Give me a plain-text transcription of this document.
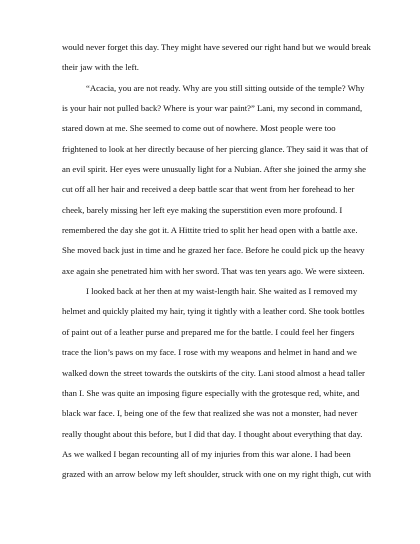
would never forget this day. They might have severed our right hand but we would break
their jaw with the left.
“Acacia, you are not ready. Why are you still sitting outside of the temple? Why
is your hair not pulled back? Where is your war paint?” Lani, my second in command,
stared down at me. She seemed to come out of nowhere. Most people were too
frightened to look at her directly because of her piercing glance. They said it was that of
an evil spirit. Her eyes were unusually light for a Nubian. After she joined the army she
cut off all her hair and received a deep battle scar that went from her forehead to her
cheek, barely missing her left eye making the superstition even more profound. I
remembered the day she got it. A Hittite tried to split her head open with a battle axe.
She moved back just in time and he grazed her face. Before he could pick up the heavy
axe again she penetrated him with her sword. That was ten years ago. We were sixteen.
I looked back at her then at my waist-length hair. She waited as I removed my
helmet and quickly plaited my hair, tying it tightly with a leather cord. She took bottles
of paint out of a leather purse and prepared me for the battle. I could feel her fingers
trace the lion’s paws on my face. I rose with my weapons and helmet in hand and we
walked down the street towards the outskirts of the city. Lani stood almost a head taller
than I. She was quite an imposing figure especially with the grotesque red, white, and
black war face. I, being one of the few that realized she was not a monster, had never
really thought about this before, but I did that day. I thought about everything that day.
As we walked I began recounting all of my injuries from this war alone. I had been
grazed with an arrow below my left shoulder, struck with one on my right thigh, cut with
